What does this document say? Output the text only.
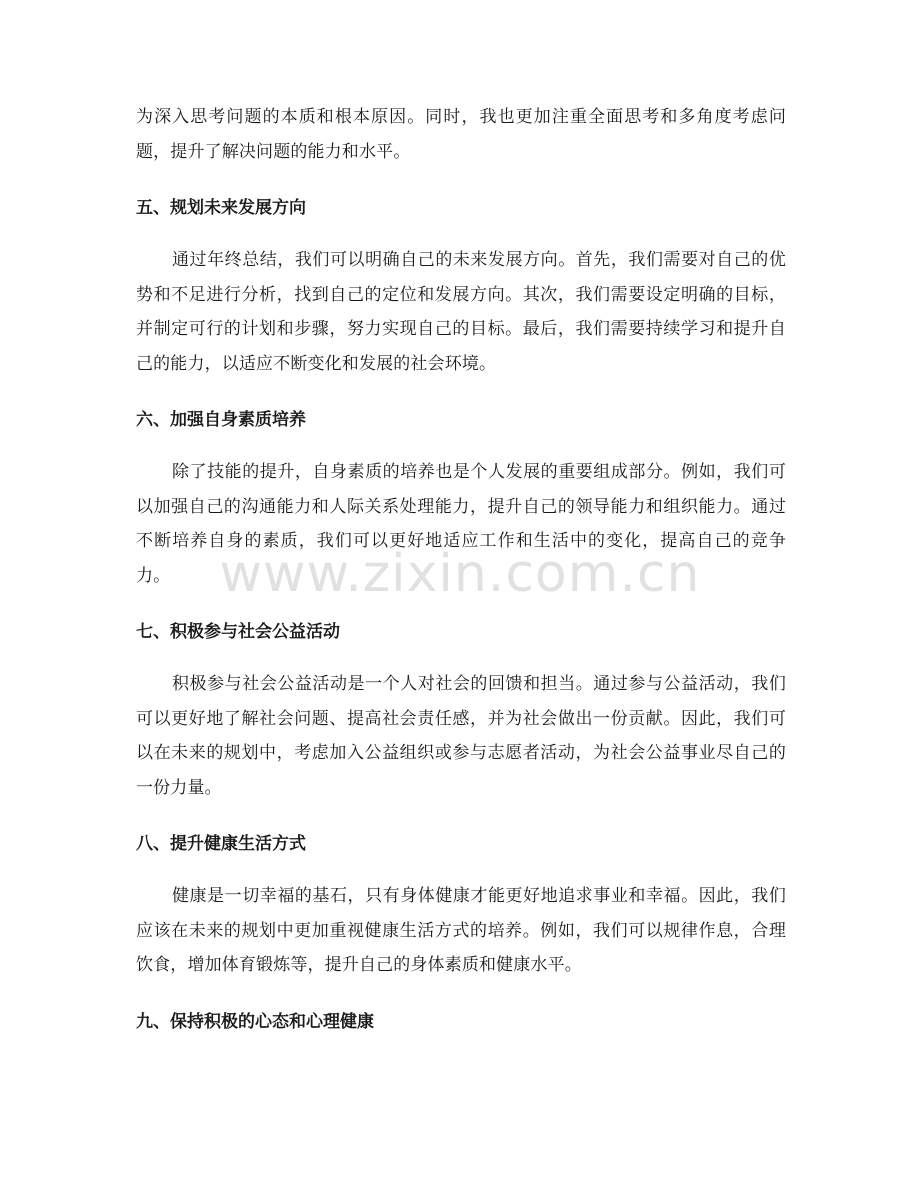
为深入思考问题的本质和根本原因。同时，我也更加注重全面思考和多角度考虑问题，提升了解决问题的能力和水平。

五、规划未来发展方向

通过年终总结，我们可以明确自己的未来发展方向。首先，我们需要对自己的优势和不足进行分析，找到自己的定位和发展方向。其次，我们需要设定明确的目标，并制定可行的计划和步骤，努力实现自己的目标。最后，我们需要持续学习和提升自己的能力，以适应不断变化和发展的社会环境。

六、加强自身素质培养

除了技能的提升，自身素质的培养也是个人发展的重要组成部分。例如，我们可以加强自己的沟通能力和人际关系处理能力，提升自己的领导能力和组织能力。通过不断培养自身的素质，我们可以更好地适应工作和生活中的变化，提高自己的竞争力。

七、积极参与社会公益活动

积极参与社会公益活动是一个人对社会的回馈和担当。通过参与公益活动，我们可以更好地了解社会问题、提高社会责任感，并为社会做出一份贡献。因此，我们可以在未来的规划中，考虑加入公益组织或参与志愿者活动，为社会公益事业尽自己的一份力量。

八、提升健康生活方式

健康是一切幸福的基石，只有身体健康才能更好地追求事业和幸福。因此，我们应该在未来的规划中更加重视健康生活方式的培养。例如，我们可以规律作息，合理饮食，增加体育锻炼等，提升自己的身体素质和健康水平。

九、保持积极的心态和心理健康
www.zixin.com.cn
